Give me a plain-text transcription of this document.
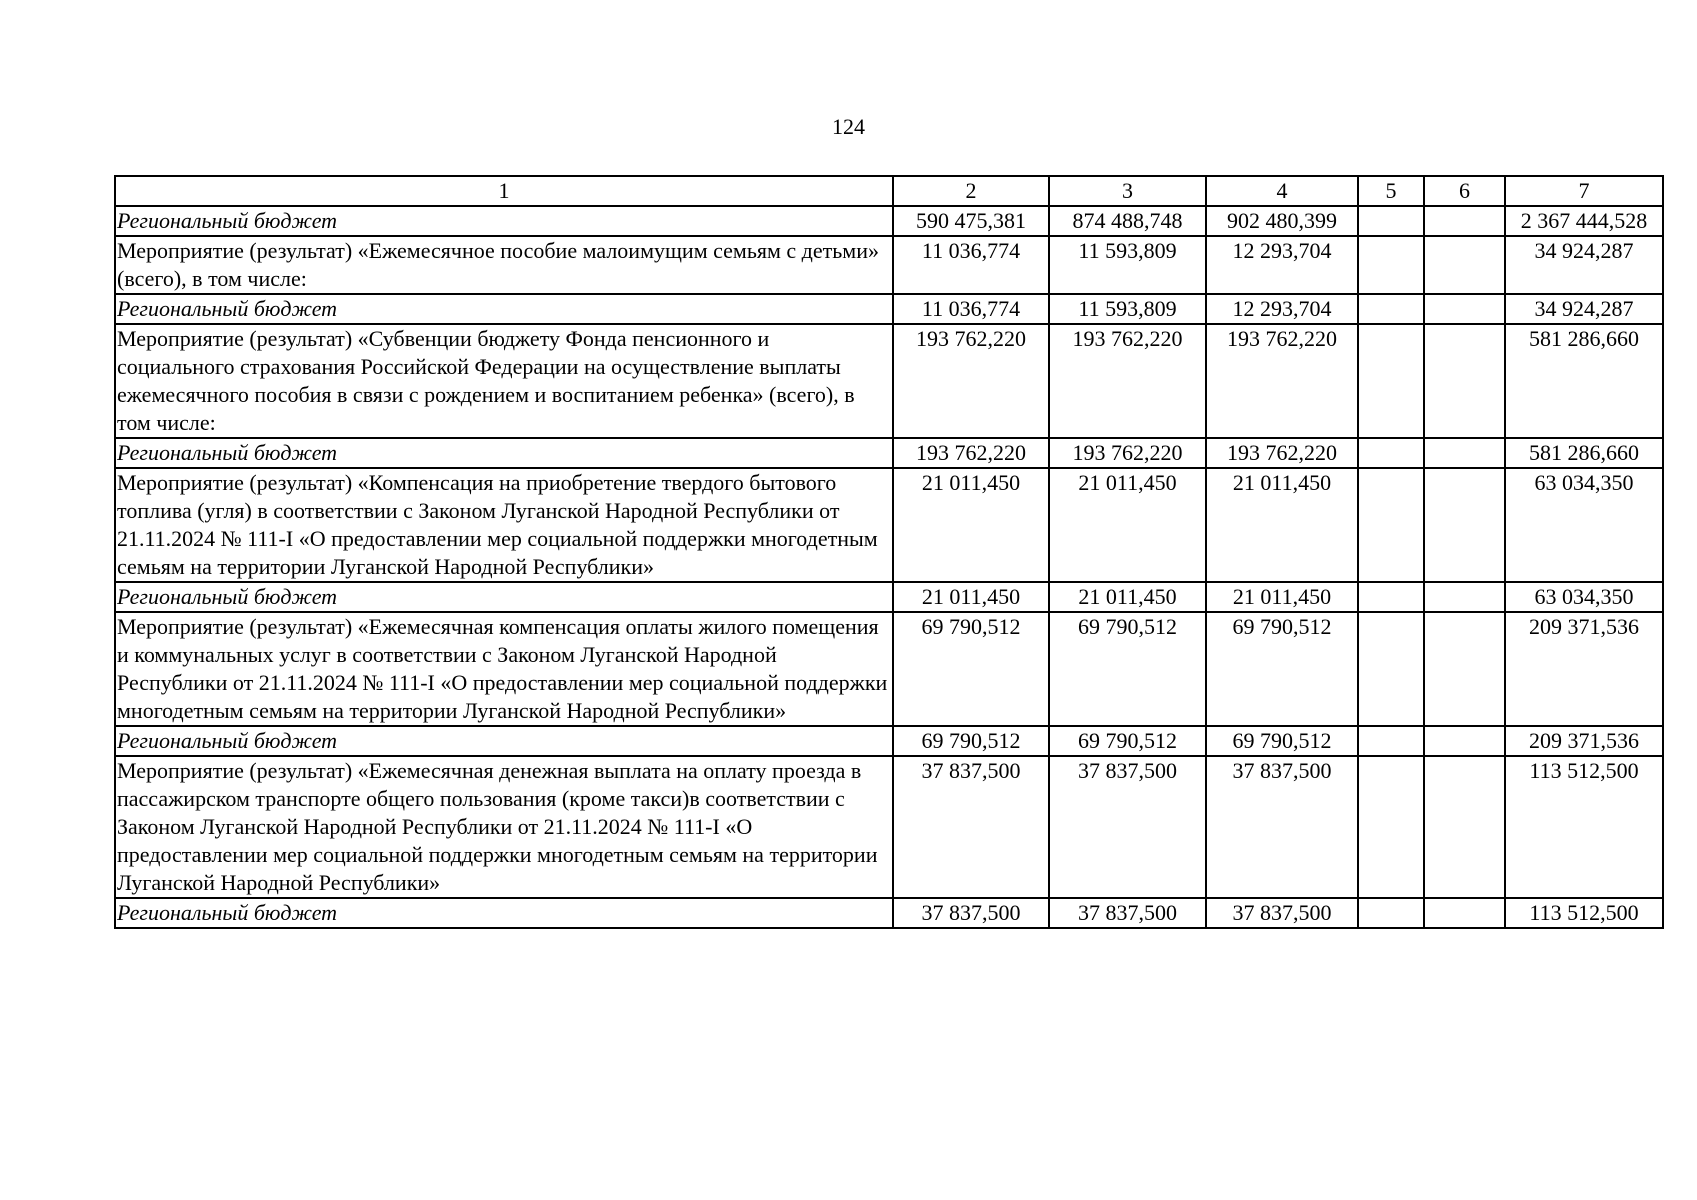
124
1	2	3	4	5	6	7
Региональный бюджет	590 475,381	874 488,748	902 480,399			2 367 444,528
Мероприятие (результат) «Ежемесячное пособие малоимущим семьям с детьми» (всего), в том числе:	11 036,774	11 593,809	12 293,704			34 924,287
Региональный бюджет	11 036,774	11 593,809	12 293,704			34 924,287
Мероприятие (результат) «Субвенции бюджету Фонда пенсионного и социального страхования Российской Федерации на осуществление выплаты ежемесячного пособия в связи с рождением и воспитанием ребенка» (всего), в том числе:	193 762,220	193 762,220	193 762,220			581 286,660
Региональный бюджет	193 762,220	193 762,220	193 762,220			581 286,660
Мероприятие (результат) «Компенсация на приобретение твердого бытового топлива (угля) в соответствии с Законом Луганской Народной Республики от 21.11.2024 № 111-I «О предоставлении мер социальной поддержки многодетным семьям на территории Луганской Народной Республики»	21 011,450	21 011,450	21 011,450			63 034,350
Региональный бюджет	21 011,450	21 011,450	21 011,450			63 034,350
Мероприятие (результат) «Ежемесячная компенсация оплаты жилого помещения и коммунальных услуг в соответствии с Законом Луганской Народной Республики от 21.11.2024 № 111-I «О предоставлении мер социальной поддержки многодетным семьям на территории Луганской Народной Республики»	69 790,512	69 790,512	69 790,512			209 371,536
Региональный бюджет	69 790,512	69 790,512	69 790,512			209 371,536
Мероприятие (результат) «Ежемесячная денежная выплата на оплату проезда в пассажирском транспорте общего пользования (кроме такси)в соответствии с Законом Луганской Народной Республики от 21.11.2024 № 111-I «О предоставлении мер социальной поддержки многодетным семьям на территории Луганской Народной Республики»	37 837,500	37 837,500	37 837,500			113 512,500
Региональный бюджет	37 837,500	37 837,500	37 837,500			113 512,500
